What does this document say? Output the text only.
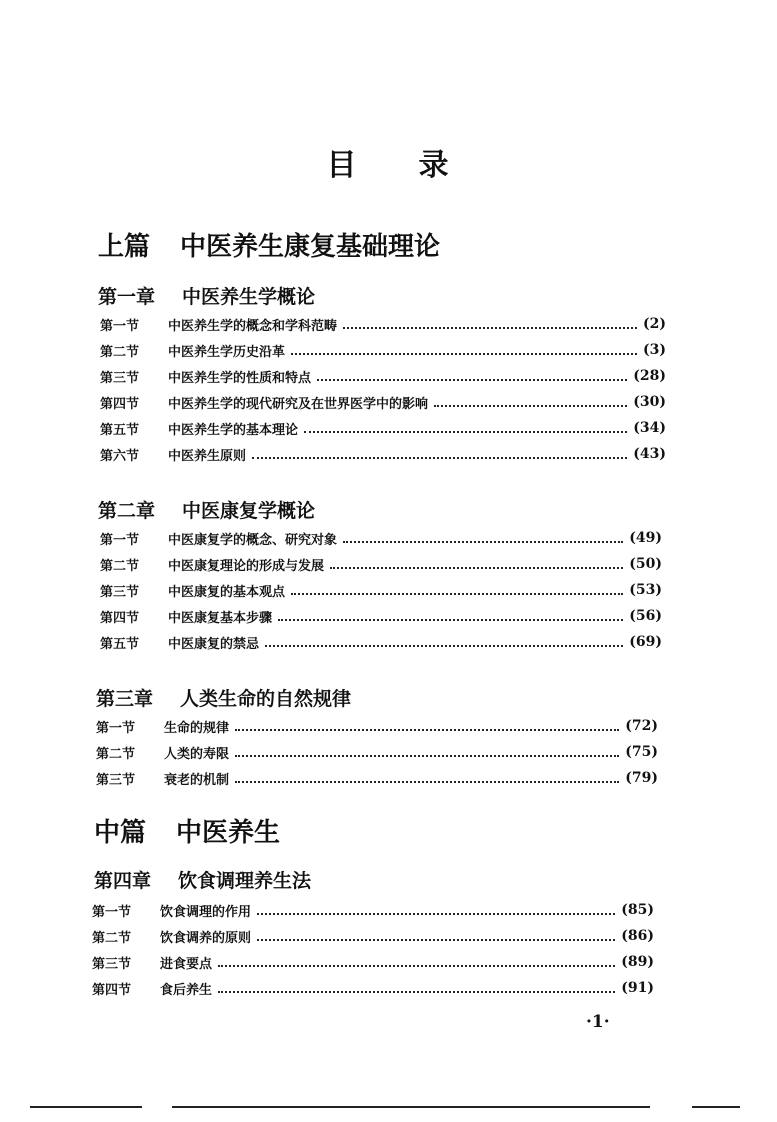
目 录
上篇 中医养生康复基础理论
第一章 中医养生学概论
第一节	中医养生学的概念和学科范畴	(2)
第二节	中医养生学历史沿革	(3)
第三节	中医养生学的性质和特点	(28)
第四节	中医养生学的现代研究及在世界医学中的影响	(30)
第五节	中医养生学的基本理论	(34)
第六节	中医养生原则	(43)
第二章 中医康复学概论
第一节	中医康复学的概念、研究对象	(49)
第二节	中医康复理论的形成与发展	(50)
第三节	中医康复的基本观点	(53)
第四节	中医康复基本步骤	(56)
第五节	中医康复的禁忌	(69)
第三章 人类生命的自然规律
第一节	生命的规律	(72)
第二节	人类的寿限	(75)
第三节	衰老的机制	(79)
中篇 中医养生
第四章 饮食调理养生法
第一节	饮食调理的作用	(85)
第二节	饮食调养的原则	(86)
第三节	进食要点	(89)
第四节	食后养生	(91)
·1·
